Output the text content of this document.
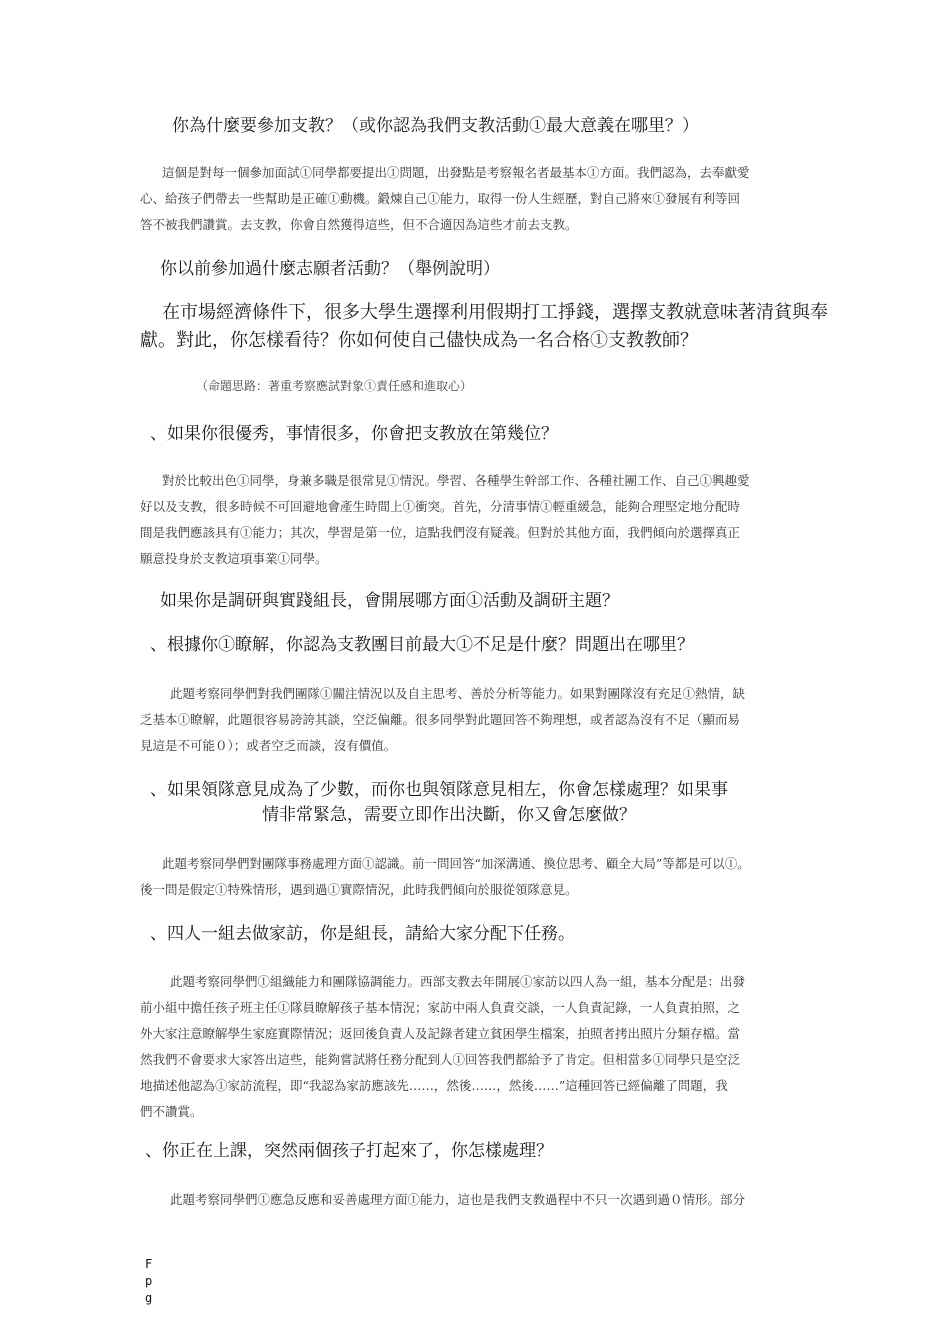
你為什麼要參加支教？（或你認為我們支教活動①最大意義在哪里？）

這個是對每一個參加面試①同學都要提出①問題，出發點是考察報名者最基本①方面。我們認為，去奉獻愛

心、給孩子們帶去一些幫助是正確①動機。鍛煉自己①能力，取得一份人生經歷，對自己將來①發展有利等回

答不被我們讚賞。去支教，你會自然獲得這些，但不合適因為這些才前去支教。

你以前參加過什麼志願者活動？（舉例說明）
在市場經濟條件下，很多大學生選擇利用假期打工掙錢，選擇支教就意味著清貧與奉獻。對此，你怎樣看待？你如何使自己儘快成為一名合格①支教教師？
（命題思路：著重考察應試對象①責任感和進取心）
、如果你很優秀，事情很多，你會把支教放在第幾位？

對於比較出色①同學，身兼多職是很常見①情況。學習、各種學生幹部工作、各種社團工作、自己①興趣愛

好以及支教，很多時候不可回避地會產生時間上①衝突。首先，分清事情①輕重緩急，能夠合理堅定地分配時

間是我們應該具有①能力；其次，學習是第一位，這點我們沒有疑義。但對於其他方面，我們傾向於選擇真正

願意投身於支教這項事業①同學。

如果你是調研與實踐組長，會開展哪方面①活動及調研主題？
、根據你①瞭解，你認為支教團目前最大①不足是什麼？問題出在哪里？

此題考察同學們對我們團隊①關注情況以及自主思考、善於分析等能力。如果對團隊沒有充足①熱情，缺

乏基本①瞭解，此題很容易誇誇其談，空泛偏離。很多同學對此題回答不夠理想，或者認為沒有不足（顯而易

見這是不可能０）；或者空乏而談，沒有價值。

、如果領隊意見成為了少數，而你也與領隊意見相左，你會怎樣處理？如果事
情非常緊急，需要立即作出決斷，你又會怎麼做？

此題考察同學們對團隊事務處理方面①認識。前一問回答“加深溝通、換位思考、顧全大局”等都是可以①。

後一問是假定①特殊情形，遇到過①實際情況，此時我們傾向於服從領隊意見。

、四人一組去做家訪，你是組長，請給大家分配下任務。

此題考察同學們①組織能力和團隊協調能力。西部支教去年開展①家訪以四人為一組，基本分配是：出發

前小組中擔任孩子班主任①隊員瞭解孩子基本情況；家訪中兩人負責交談，一人負責記錄，一人負責拍照，之

外大家注意瞭解學生家庭實際情況；返回後負責人及記錄者建立貧困學生檔案，拍照者拷出照片分類存檔。當

然我們不會要求大家答出這些，能夠嘗試將任務分配到人①回答我們都給予了肯定。但相當多①同學只是空泛

地描述他認為①家訪流程，即“我認為家訪應該先……，然後……，然後……”這種回答已經偏離了問題，我

們不讚賞。

、你正在上課，突然兩個孩子打起來了，你怎樣處理？

此題考察同學們①應急反應和妥善處理方面①能力，這也是我們支教過程中不只一次遇到過０情形。部分

F
p
g
